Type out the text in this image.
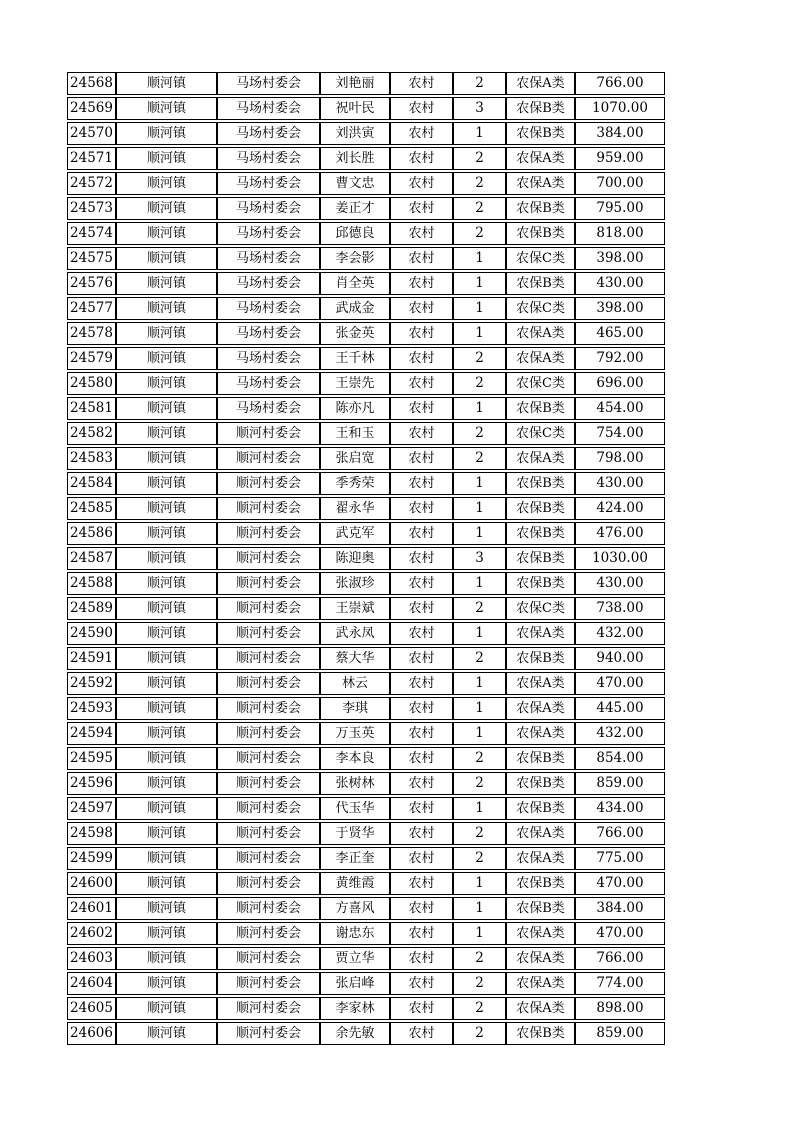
24568	顺河镇	马场村委会	刘艳丽	农村	2	农保A类	766.00
24569	顺河镇	马场村委会	祝叶民	农村	3	农保B类	1070.00
24570	顺河镇	马场村委会	刘洪寅	农村	1	农保B类	384.00
24571	顺河镇	马场村委会	刘长胜	农村	2	农保A类	959.00
24572	顺河镇	马场村委会	曹文忠	农村	2	农保A类	700.00
24573	顺河镇	马场村委会	姜正才	农村	2	农保B类	795.00
24574	顺河镇	马场村委会	邱德良	农村	2	农保B类	818.00
24575	顺河镇	马场村委会	李会影	农村	1	农保C类	398.00
24576	顺河镇	马场村委会	肖全英	农村	1	农保B类	430.00
24577	顺河镇	马场村委会	武成金	农村	1	农保C类	398.00
24578	顺河镇	马场村委会	张金英	农村	1	农保A类	465.00
24579	顺河镇	马场村委会	王千林	农村	2	农保A类	792.00
24580	顺河镇	马场村委会	王崇先	农村	2	农保C类	696.00
24581	顺河镇	马场村委会	陈亦凡	农村	1	农保B类	454.00
24582	顺河镇	顺河村委会	王和玉	农村	2	农保C类	754.00
24583	顺河镇	顺河村委会	张启宽	农村	2	农保A类	798.00
24584	顺河镇	顺河村委会	季秀荣	农村	1	农保B类	430.00
24585	顺河镇	顺河村委会	翟永华	农村	1	农保B类	424.00
24586	顺河镇	顺河村委会	武克军	农村	1	农保B类	476.00
24587	顺河镇	顺河村委会	陈迎奥	农村	3	农保B类	1030.00
24588	顺河镇	顺河村委会	张淑珍	农村	1	农保B类	430.00
24589	顺河镇	顺河村委会	王崇斌	农村	2	农保C类	738.00
24590	顺河镇	顺河村委会	武永凤	农村	1	农保A类	432.00
24591	顺河镇	顺河村委会	蔡大华	农村	2	农保B类	940.00
24592	顺河镇	顺河村委会	林云	农村	1	农保A类	470.00
24593	顺河镇	顺河村委会	李琪	农村	1	农保A类	445.00
24594	顺河镇	顺河村委会	万玉英	农村	1	农保A类	432.00
24595	顺河镇	顺河村委会	李本良	农村	2	农保B类	854.00
24596	顺河镇	顺河村委会	张树林	农村	2	农保B类	859.00
24597	顺河镇	顺河村委会	代玉华	农村	1	农保B类	434.00
24598	顺河镇	顺河村委会	于贤华	农村	2	农保A类	766.00
24599	顺河镇	顺河村委会	李正奎	农村	2	农保A类	775.00
24600	顺河镇	顺河村委会	黄维霞	农村	1	农保B类	470.00
24601	顺河镇	顺河村委会	方喜风	农村	1	农保B类	384.00
24602	顺河镇	顺河村委会	谢忠东	农村	1	农保A类	470.00
24603	顺河镇	顺河村委会	贾立华	农村	2	农保A类	766.00
24604	顺河镇	顺河村委会	张启峰	农村	2	农保A类	774.00
24605	顺河镇	顺河村委会	李家林	农村	2	农保A类	898.00
24606	顺河镇	顺河村委会	余先敏	农村	2	农保B类	859.00
